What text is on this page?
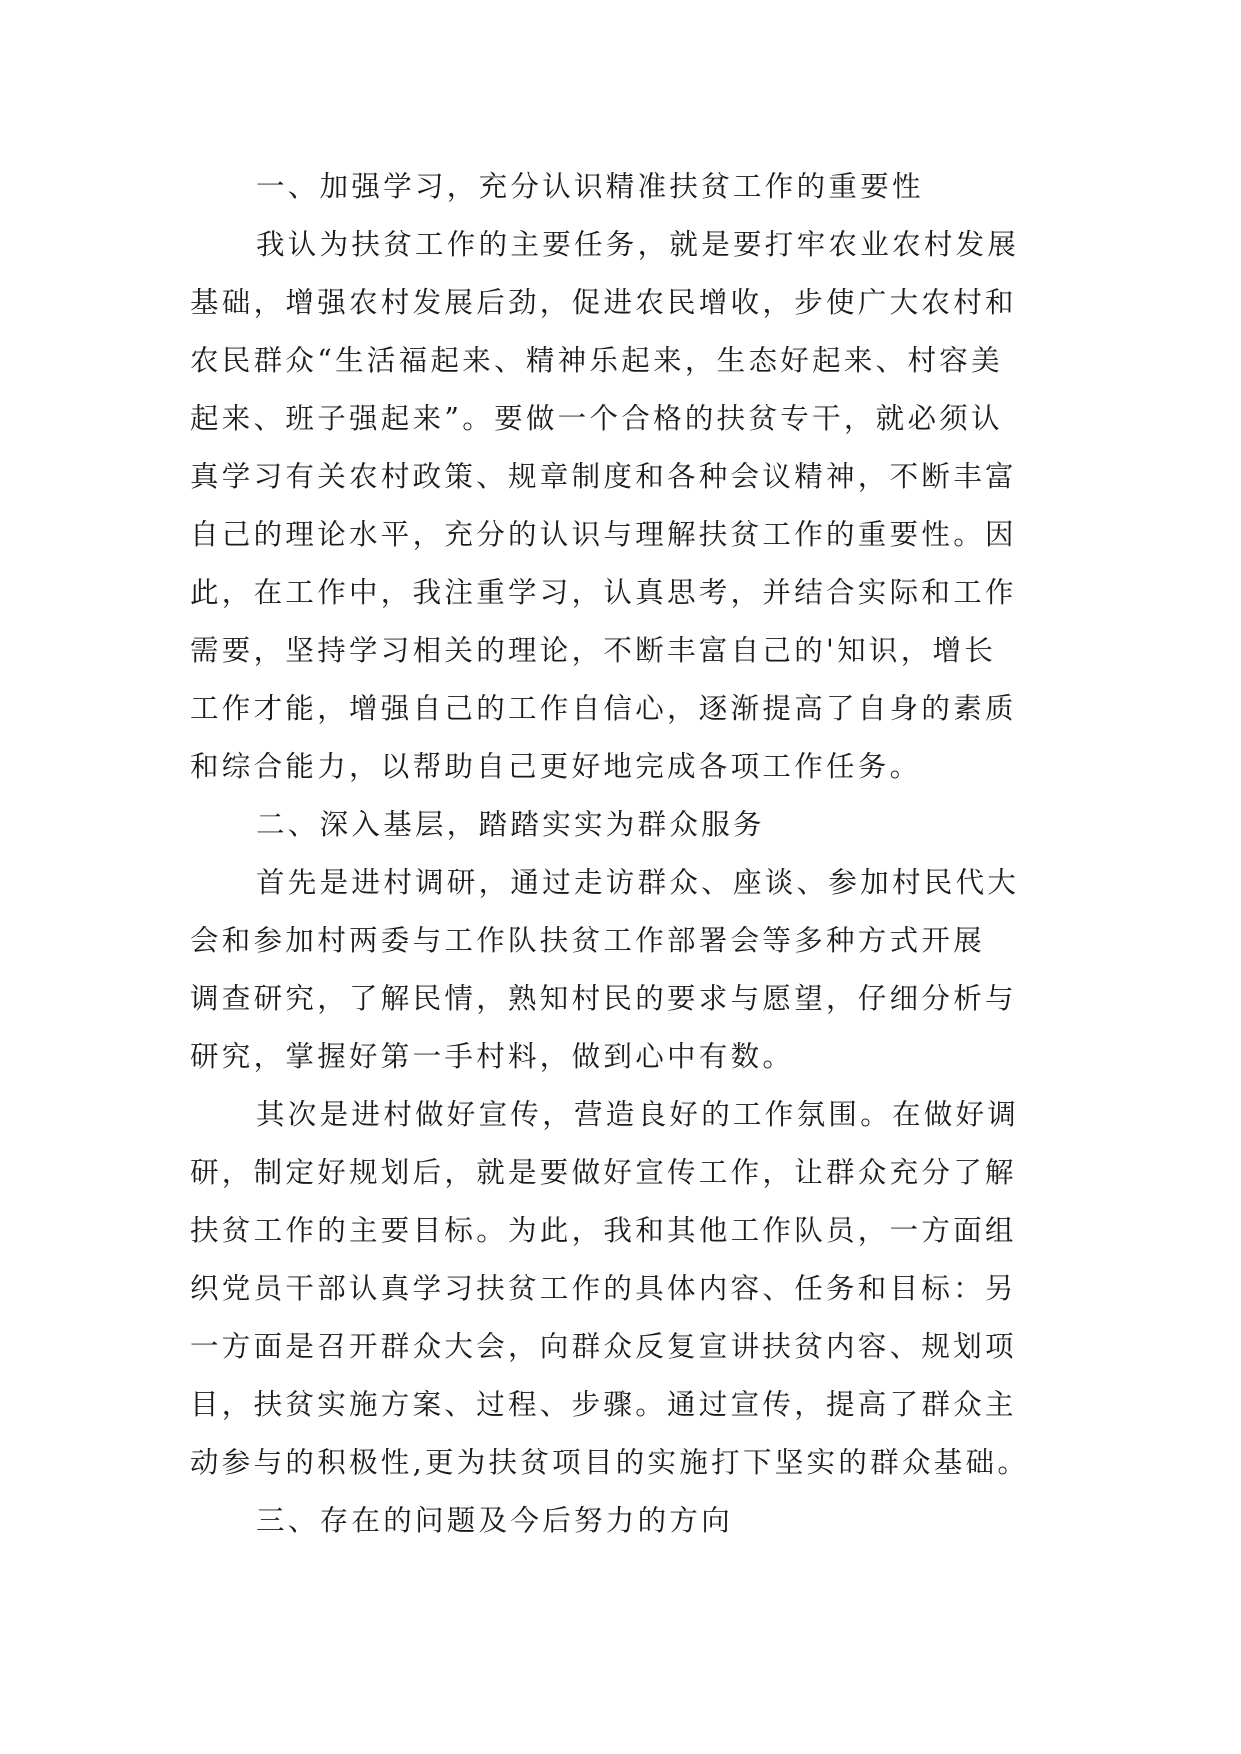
一、加强学习，充分认识精准扶贫工作的重要性
我认为扶贫工作的主要任务，就是要打牢农业农村发展
基础，增强农村发展后劲，促进农民增收，步使广大农村和
农民群众“生活福起来、精神乐起来，生态好起来、村容美
起来、班子强起来”。要做一个合格的扶贫专干，就必须认
真学习有关农村政策、规章制度和各种会议精神，不断丰富
自己的理论水平，充分的认识与理解扶贫工作的重要性。因
此，在工作中，我注重学习，认真思考，并结合实际和工作
需要，坚持学习相关的理论，不断丰富自己的'知识，增长
工作才能，增强自己的工作自信心，逐渐提高了自身的素质
和综合能力，以帮助自己更好地完成各项工作任务。
二、深入基层，踏踏实实为群众服务
首先是进村调研，通过走访群众、座谈、参加村民代大
会和参加村两委与工作队扶贫工作部署会等多种方式开展
调查研究，了解民情，熟知村民的要求与愿望，仔细分析与
研究，掌握好第一手村料，做到心中有数。
其次是进村做好宣传，营造良好的工作氛围。在做好调
研，制定好规划后，就是要做好宣传工作，让群众充分了解
扶贫工作的主要目标。为此，我和其他工作队员，一方面组
织党员干部认真学习扶贫工作的具体内容、任务和目标：另
一方面是召开群众大会，向群众反复宣讲扶贫内容、规划项
目，扶贫实施方案、过程、步骤。通过宣传，提高了群众主
动参与的积极性,更为扶贫项目的实施打下坚实的群众基础。
三、存在的问题及今后努力的方向
